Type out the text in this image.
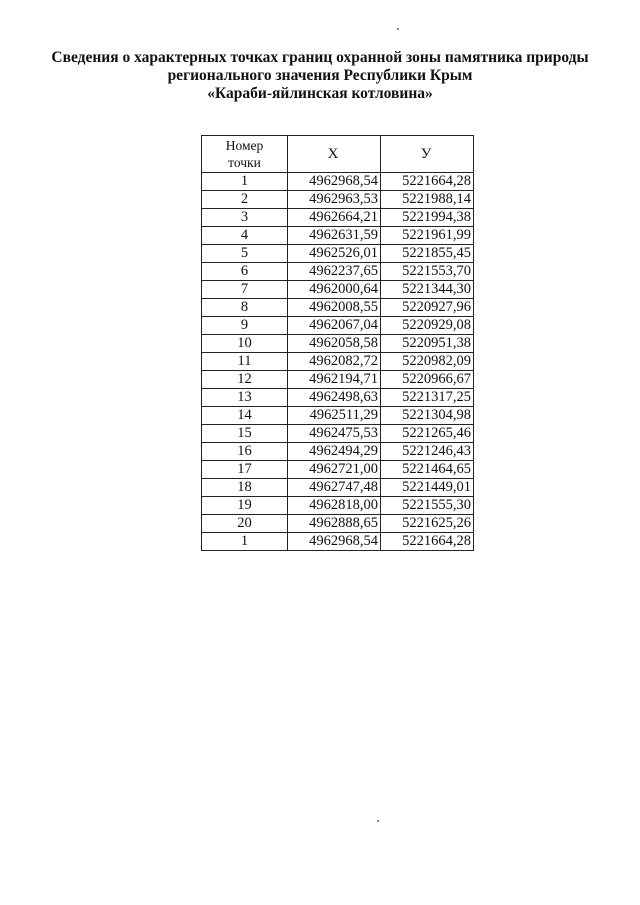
Сведения о характерных точках границ охранной зоны памятника природы
регионального значения Республики Крым
«Караби-яйлинская котловина»
Номер
точки	X	У
1	4962968,54	5221664,28
2	4962963,53	5221988,14
3	4962664,21	5221994,38
4	4962631,59	5221961,99
5	4962526,01	5221855,45
6	4962237,65	5221553,70
7	4962000,64	5221344,30
8	4962008,55	5220927,96
9	4962067,04	5220929,08
10	4962058,58	5220951,38
11	4962082,72	5220982,09
12	4962194,71	5220966,67
13	4962498,63	5221317,25
14	4962511,29	5221304,98
15	4962475,53	5221265,46
16	4962494,29	5221246,43
17	4962721,00	5221464,65
18	4962747,48	5221449,01
19	4962818,00	5221555,30
20	4962888,65	5221625,26
1	4962968,54	5221664,28
